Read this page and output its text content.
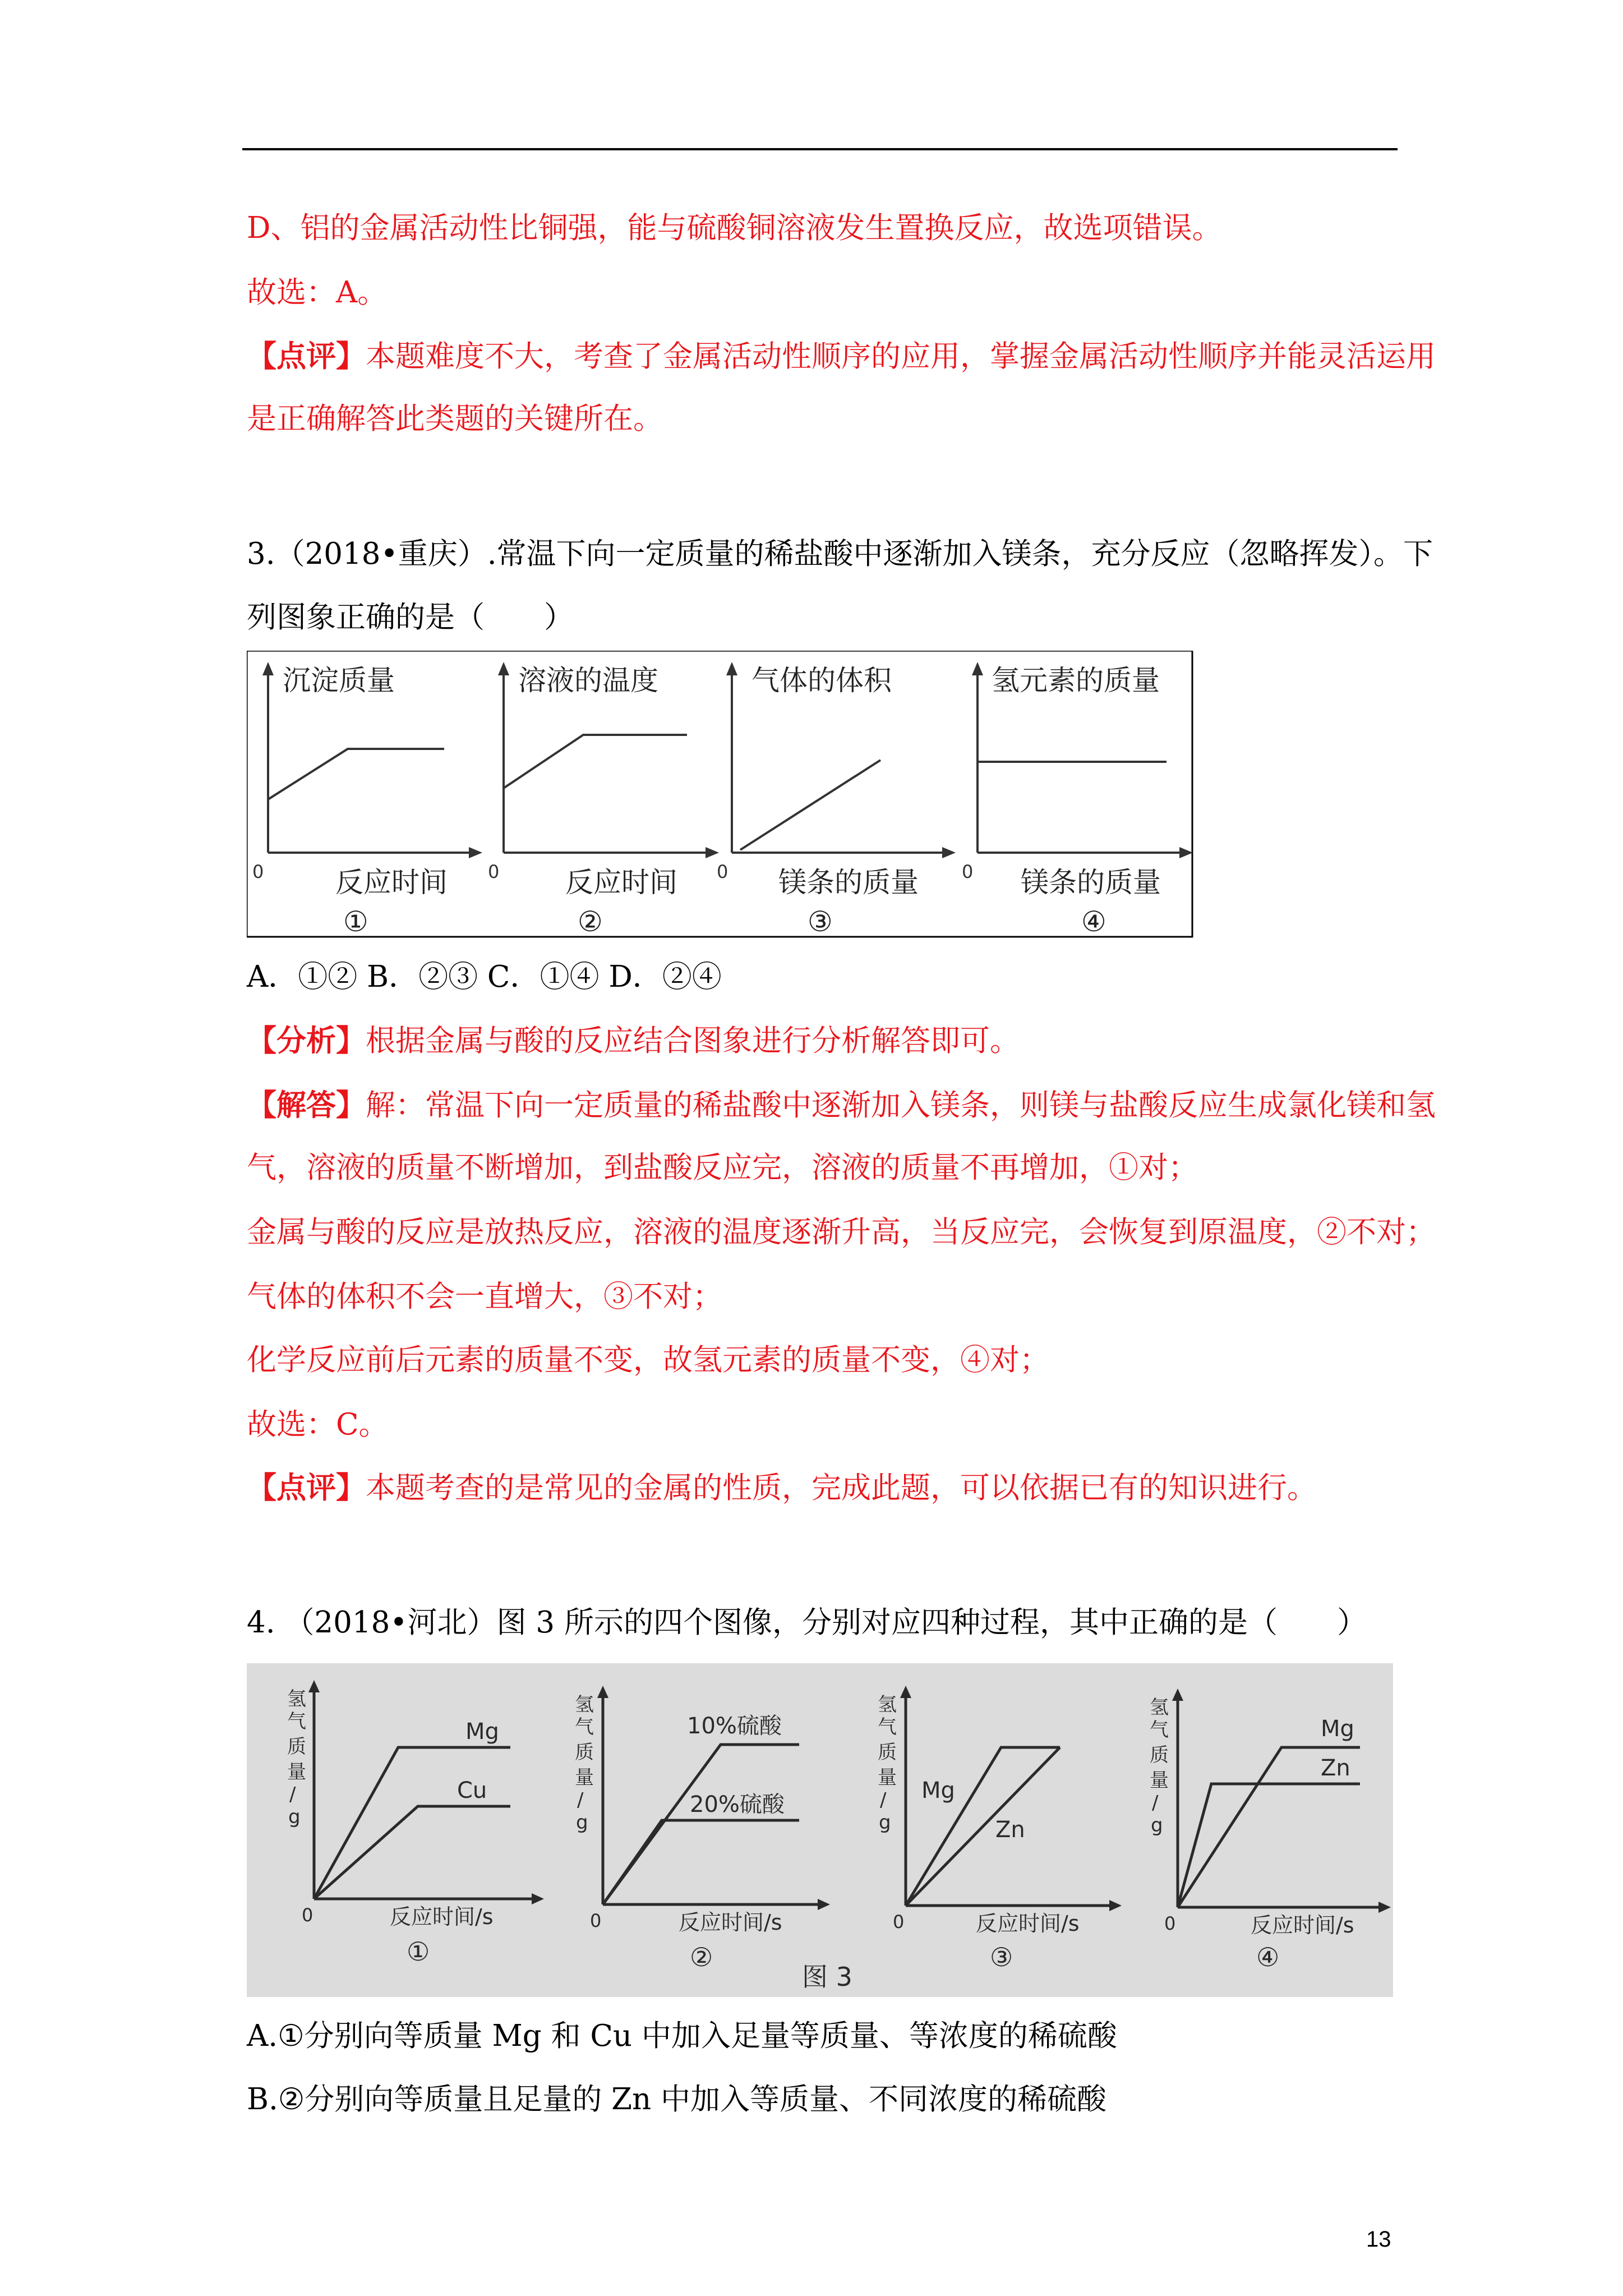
D、铝的金属活动性比铜强，能与硫酸铜溶液发生置换反应，故选项错误。
故选：A。
【点评】本题难度不大，考查了金属活动性顺序的应用，掌握金属活动性顺序并能灵活运用
是正确解答此类题的关键所在。
3.（2018•重庆）.常温下向一定质量的稀盐酸中逐渐加入镁条，充分反应（忽略挥发）。下
列图象正确的是（　　）
沉淀质量	溶液的温度	气体的体积	氢元素的质量
反应时间	反应时间	镁条的质量	镁条的质量
①	②	③	④
0	0	0	0
A．①② B．②③ C．①④ D．②④
【分析】根据金属与酸的反应结合图象进行分析解答即可。
【解答】解：常温下向一定质量的稀盐酸中逐渐加入镁条，则镁与盐酸反应生成氯化镁和氢
气，溶液的质量不断增加，到盐酸反应完，溶液的质量不再增加，①对；
金属与酸的反应是放热反应，溶液的温度逐渐升高，当反应完，会恢复到原温度，②不对；
气体的体积不会一直增大，③不对；
化学反应前后元素的质量不变，故氢元素的质量不变，④对；
故选：C。
【点评】本题考查的是常见的金属的性质，完成此题，可以依据已有的知识进行。
4. （2018•河北）图 3 所示的四个图像，分别对应四种过程，其中正确的是（　　）
氢
气
质
量
/
g
氢
气
质
量
/
g
氢
气
质
量
/
g
氢
气
质
量
/
g
Mg
Cu
10%硫酸
20%硫酸
Mg
Zn
Mg
Zn
0	0	0	0
反应时间/s	反应时间/s	反应时间/s	反应时间/s
①	②	③	④
图 3
A.①分别向等质量 Mg 和 Cu 中加入足量等质量、等浓度的稀硫酸
B.②分别向等质量且足量的 Zn 中加入等质量、不同浓度的稀硫酸
13
